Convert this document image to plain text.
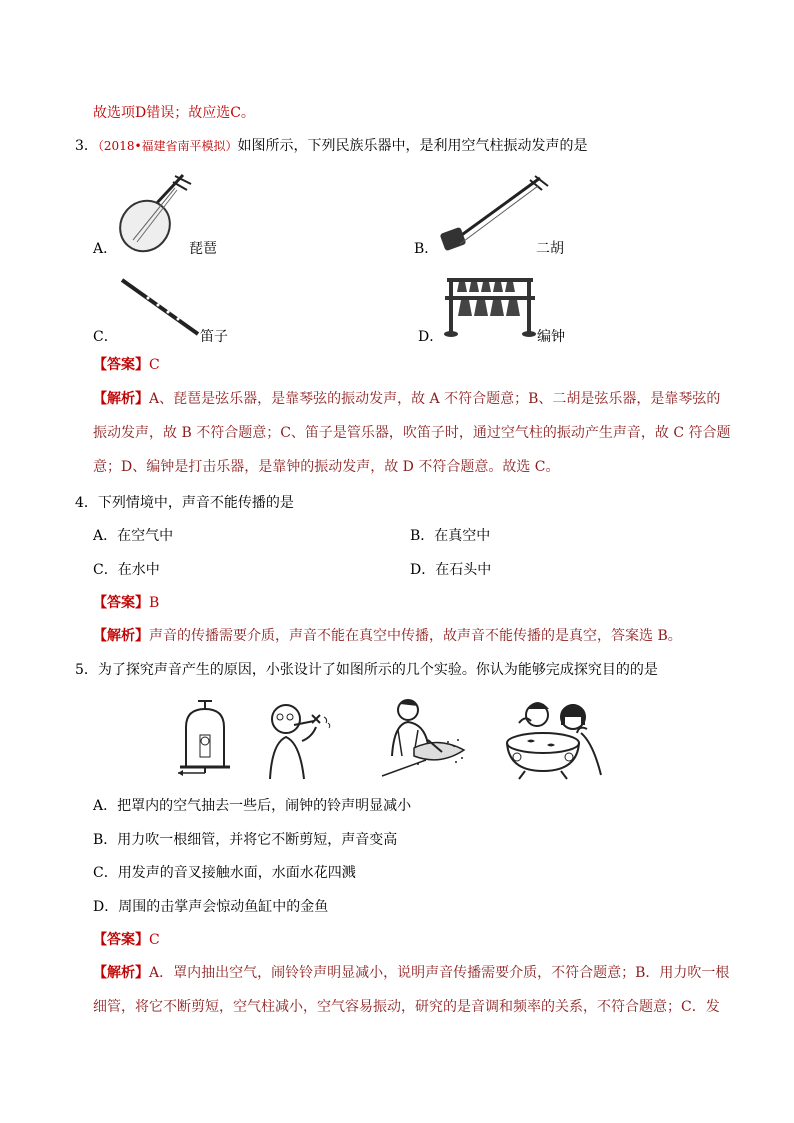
故选项D错误；故应选C。
3．（2018•福建省南平模拟）如图所示，下列民族乐器中，是利用空气柱振动发声的是
A．	琵琶	B．	二胡
C．	笛子	D．	编钟
【答案】C
【解析】A、琵琶是弦乐器，是靠琴弦的振动发声，故 A 不符合题意；B、二胡是弦乐器，是靠琴弦的
振动发声，故 B 不符合题意；C、笛子是管乐器，吹笛子时，通过空气柱的振动产生声音，故 C 符合题
意；D、编钟是打击乐器，是靠钟的振动发声，故 D 不符合题意。故选 C。
4．下列情境中，声音不能传播的是
A．在空气中	B．在真空中
C．在水中	D．在石头中
【答案】B
【解析】声音的传播需要介质，声音不能在真空中传播，故声音不能传播的是真空，答案选 B。
5．为了探究声音产生的原因，小张设计了如图所示的几个实验。你认为能够完成探究目的的是
A．把罩内的空气抽去一些后，闹钟的铃声明显减小
B．用力吹一根细管，并将它不断剪短，声音变高
C．用发声的音叉接触水面，水面水花四溅
D．周围的击掌声会惊动鱼缸中的金鱼
【答案】C
【解析】A．罩内抽出空气，闹铃铃声明显减小，说明声音传播需要介质，不符合题意；B．用力吹一根
细管，将它不断剪短，空气柱减小，空气容易振动，研究的是音调和频率的关系，不符合题意；C．发
